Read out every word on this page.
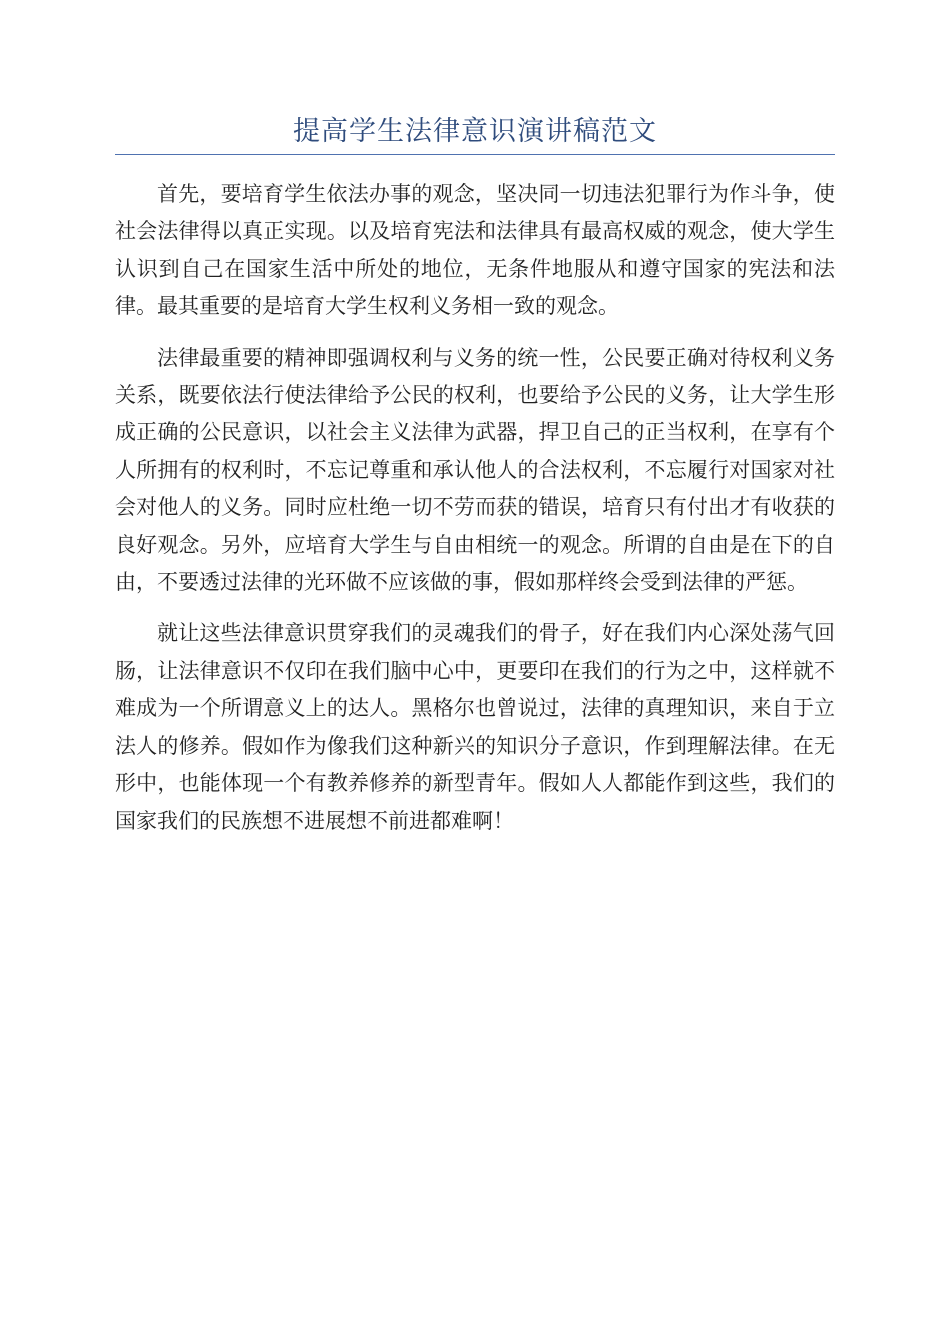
提高学生法律意识演讲稿范文

首先，要培育学生依法办事的观念，坚决同一切违法犯罪行为作斗争，使社会法律得以真正实现。以及培育宪法和法律具有最高权威的观念，使大学生认识到自己在国家生活中所处的地位，无条件地服从和遵守国家的宪法和法律。最其重要的是培育大学生权利义务相一致的观念。

法律最重要的精神即强调权利与义务的统一性，公民要正确对待权利义务关系，既要依法行使法律给予公民的权利，也要给予公民的义务，让大学生形成正确的公民意识，以社会主义法律为武器，捍卫自己的正当权利，在享有个人所拥有的权利时，不忘记尊重和承认他人的合法权利，不忘履行对国家对社会对他人的义务。同时应杜绝一切不劳而获的错误，培育只有付出才有收获的良好观念。另外，应培育大学生与自由相统一的观念。所谓的自由是在下的自由，不要透过法律的光环做不应该做的事，假如那样终会受到法律的严惩。

就让这些法律意识贯穿我们的灵魂我们的骨子，好在我们内心深处荡气回肠，让法律意识不仅印在我们脑中心中，更要印在我们的行为之中，这样就不难成为一个所谓意义上的达人。黑格尔也曾说过，法律的真理知识，来自于立法人的修养。假如作为像我们这种新兴的知识分子意识，作到理解法律。在无形中，也能体现一个有教养修养的新型青年。假如人人都能作到这些，我们的国家我们的民族想不进展想不前进都难啊！
